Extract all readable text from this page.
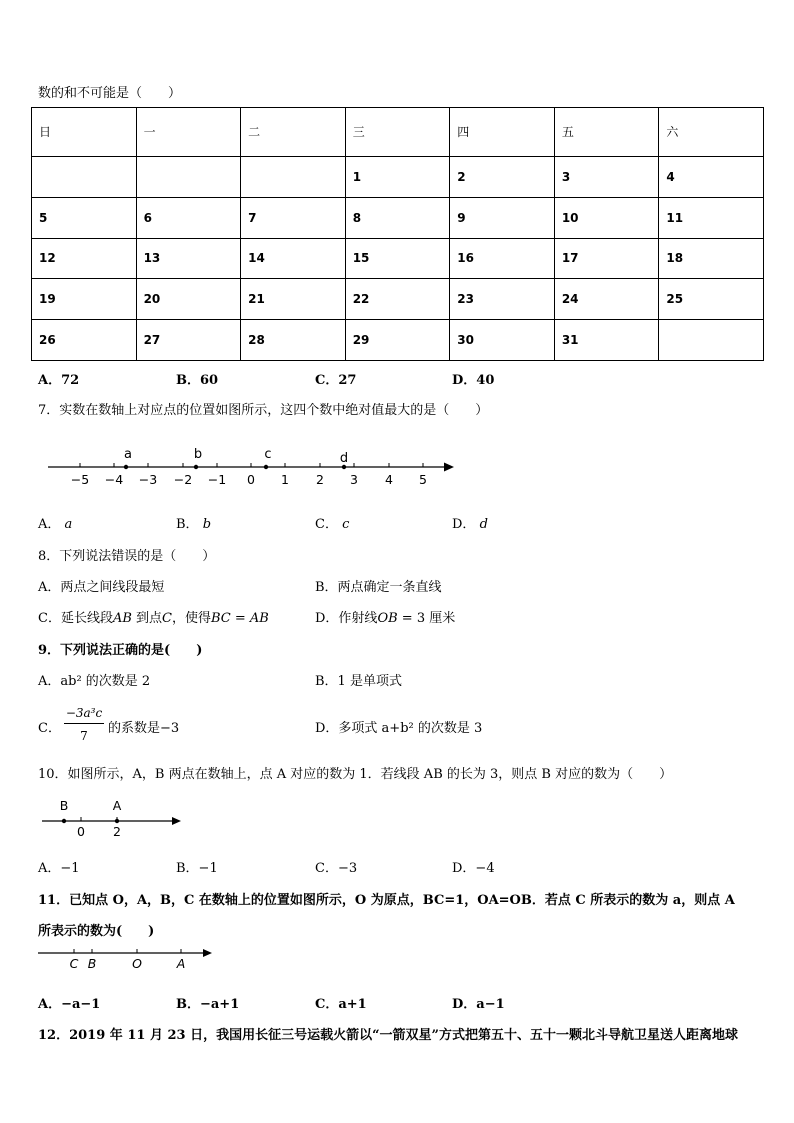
数的和不可能是（　　）
日	一	二	三	四	五	六
			1	2	3	4
5	6	7	8	9	10	11
12	13	14	15	16	17	18
19	20	21	22	23	24	25
26	27	28	29	30	31	
A．72	B．60	C．27	D．40
7．实数在数轴上对应点的位置如图所示，这四个数中绝对值最大的是（　　）
−5 −4 −3 −2 −1 0 1 2 3 4 5
a	b	c	d
A． a	B． b	C． c	D． d
8．下列说法错误的是（　　）
A．两点之间线段最短	B．两点确定一条直线
C．延长线段AB 到点C，使得BC = AB	D．作射线OB = 3 厘米
9．下列说法正确的是(　　)
A．ab² 的次数是 2	B．1 是单项式
C．
−3a³c
7	的系数是−3	D．多项式 a+b² 的次数是 3
10．如图所示，A，B 两点在数轴上，点 A 对应的数为 1．若线段 AB 的长为 3，则点 B 对应的数为（　　）
B	A
0 2
A．−1	B．−1	C．−3	D．−4
11．已知点 O，A，B，C 在数轴上的位置如图所示，O 为原点，BC=1，OA=OB．若点 C 所表示的数为 a，则点 A
所表示的数为(　　)
C B	O	A
A．−a−1	B．−a+1	C．a+1	D．a−1
12．2019 年 11 月 23 日，我国用长征三号运载火箭以“一箭双星”方式把第五十、五十一颗北斗导航卫星送人距离地球
